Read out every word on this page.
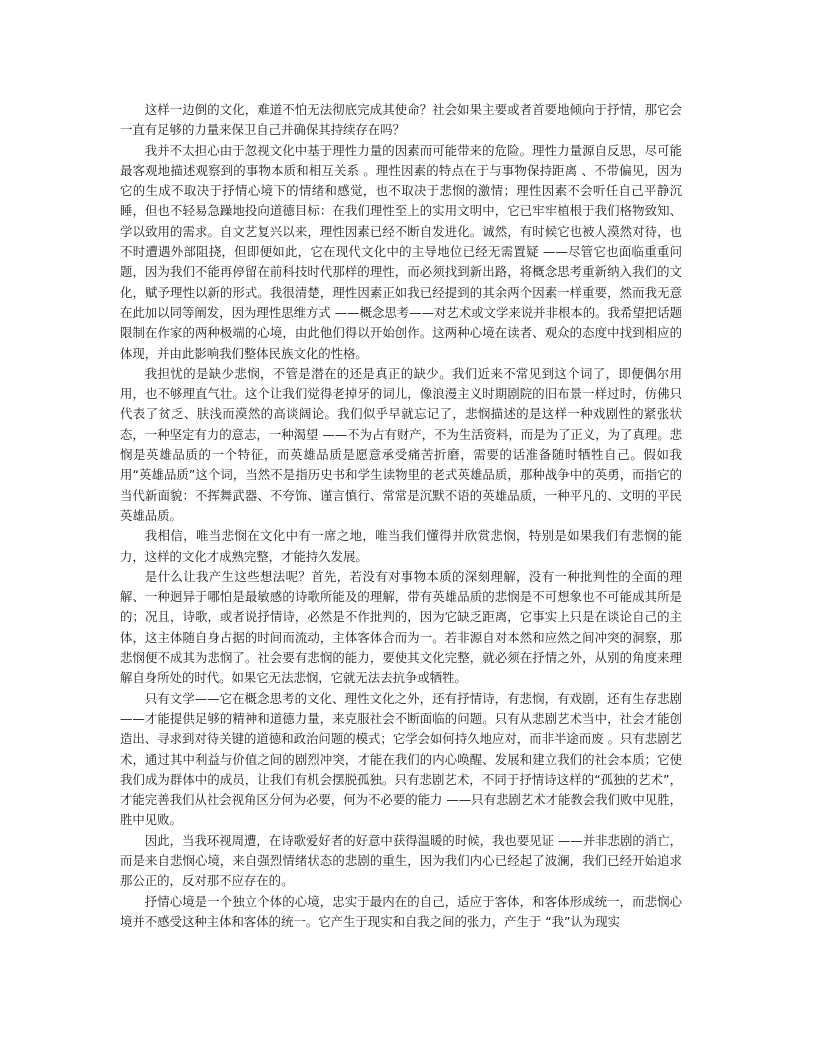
这样一边倒的文化，难道不怕无法彻底完成其使命？社会如果主要或者首要地倾向于抒情，那它会一直有足够的力量来保卫自己并确保其持续存在吗？

我并不太担心由于忽视文化中基于理性力量的因素而可能带来的危险。理性力量源自反思，尽可能最客观地描述观察到的事物本质和相互关系 。理性因素的特点在于与事物保持距离 、不带偏见，因为它的生成不取决于抒情心境下的情绪和感觉，也不取决于悲悯的激情；理性因素不会听任自己平静沉睡，但也不轻易急躁地投向道德目标：在我们理性至上的实用文明中，它已牢牢植根于我们格物致知、学以致用的需求。自文艺复兴以来，理性因素已经不断自发进化。诚然，有时候它也被人漠然对待，也不时遭遇外部阻挠，但即便如此，它在现代文化中的主导地位已经无需置疑 ——尽管它也面临重重问题，因为我们不能再停留在前科技时代那样的理性，而必须找到新出路，将概念思考重新纳入我们的文化，赋予理性以新的形式。我很清楚，理性因素正如我已经提到的其余两个因素一样重要，然而我无意在此加以同等阐发，因为理性思维方式 ——概念思考——对艺术或文学来说并非根本的。我希望把话题限制在作家的两种极端的心境，由此他们得以开始创作。这两种心境在读者、观众的态度中找到相应的体现，并由此影响我们整体民族文化的性格。

我担忧的是缺少悲悯，不管是潜在的还是真正的缺少。我们近来不常见到这个词了，即便偶尔用用，也不够理直气壮。这个让我们觉得老掉牙的词儿，像浪漫主义时期剧院的旧布景一样过时，仿佛只代表了贫乏、肤浅而漠然的高谈阔论。我们似乎早就忘记了，悲悯描述的是这样一种戏剧性的紧张状态，一种坚定有力的意志，一种渴望 ——不为占有财产，不为生活资料，而是为了正义，为了真理。悲悯是英雄品质的一个特征，而英雄品质是愿意承受痛苦折磨，需要的话准备随时牺牲自己。假如我用“英雄品质”这个词，当然不是指历史书和学生读物里的老式英雄品质，那种战争中的英勇，而指它的当代新面貌：不挥舞武器、不夸饰、谨言慎行、常常是沉默不语的英雄品质，一种平凡的、文明的平民英雄品质。

我相信，唯当悲悯在文化中有一席之地，唯当我们懂得并欣赏悲悯，特别是如果我们有悲悯的能力，这样的文化才成熟完整，才能持久发展。

是什么让我产生这些想法呢？首先，若没有对事物本质的深刻理解，没有一种批判性的全面的理解、一种迥异于哪怕是最敏感的诗歌所能及的理解，带有英雄品质的悲悯是不可想象也不可能成其所是的；况且，诗歌，或者说抒情诗，必然是不作批判的，因为它缺乏距离，它事实上只是在谈论自己的主体，这主体随自身占据的时间而流动，主体客体合而为一。若非源自对本然和应然之间冲突的洞察，那悲悯便不成其为悲悯了。社会要有悲悯的能力，要使其文化完整，就必须在抒情之外，从别的角度来理解自身所处的时代。如果它无法悲悯，它就无法去抗争或牺牲。

只有文学——它在概念思考的文化、理性文化之外，还有抒情诗，有悲悯，有戏剧，还有生存悲剧——才能提供足够的精神和道德力量，来克服社会不断面临的问题。只有从悲剧艺术当中，社会才能创造出、寻求到对待关键的道德和政治问题的模式；它学会如何持久地应对，而非半途而废 。只有悲剧艺术，通过其中利益与价值之间的剧烈冲突，才能在我们的内心唤醒、发展和建立我们的社会本质；它使我们成为群体中的成员，让我们有机会摆脱孤独。只有悲剧艺术，不同于抒情诗这样的“孤独的艺术”，才能完善我们从社会视角区分何为必要，何为不必要的能力 ——只有悲剧艺术才能教会我们败中见胜，胜中见败。

因此，当我环视周遭，在诗歌爱好者的好意中获得温暖的时候，我也要见证 ——并非悲剧的消亡，而是来自悲悯心境，来自强烈情绪状态的悲剧的重生，因为我们内心已经起了波澜，我们已经开始追求那公正的，反对那不应存在的。

抒情心境是一个独立个体的心境，忠实于最内在的自己，适应于客体，和客体形成统一，而悲悯心境并不感受这种主体和客体的统一。它产生于现实和自我之间的张力，产生于 “我”认为现实
